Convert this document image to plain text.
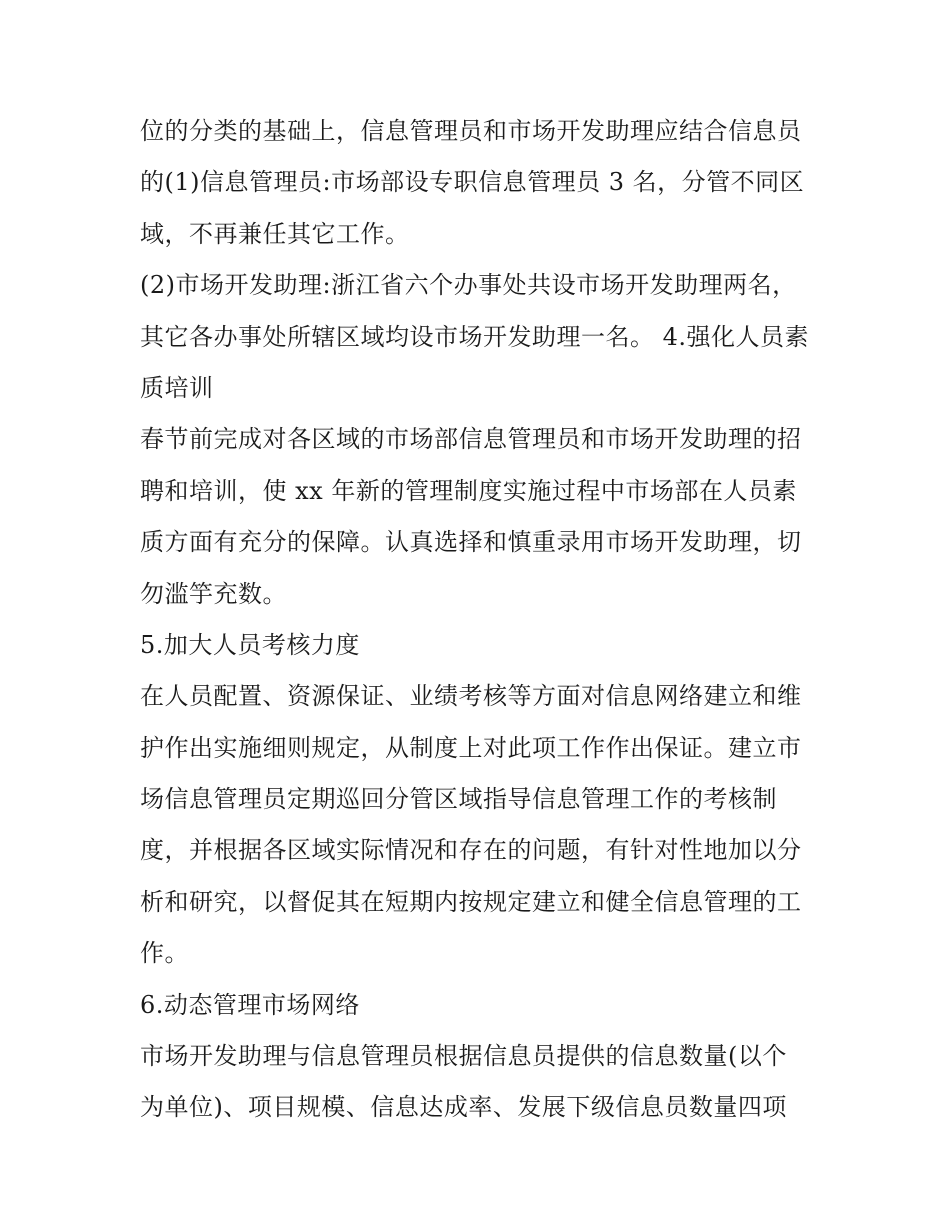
位的分类的基础上，信息管理员和市场开发助理应结合信息员
的(1)信息管理员:市场部设专职信息管理员 3 名，分管不同区
域，不再兼任其它工作。
(2)市场开发助理:浙江省六个办事处共设市场开发助理两名，
其它各办事处所辖区域均设市场开发助理一名。 4.强化人员素
质培训
春节前完成对各区域的市场部信息管理员和市场开发助理的招
聘和培训，使 xx 年新的管理制度实施过程中市场部在人员素
质方面有充分的保障。认真选择和慎重录用市场开发助理，切
勿滥竽充数。
5.加大人员考核力度
在人员配置、资源保证、业绩考核等方面对信息网络建立和维
护作出实施细则规定，从制度上对此项工作作出保证。建立市
场信息管理员定期巡回分管区域指导信息管理工作的考核制
度，并根据各区域实际情况和存在的问题，有针对性地加以分
析和研究，以督促其在短期内按规定建立和健全信息管理的工
作。
6.动态管理市场网络
市场开发助理与信息管理员根据信息员提供的信息数量(以个
为单位)、项目规模、信息达成率、发展下级信息员数量四项
